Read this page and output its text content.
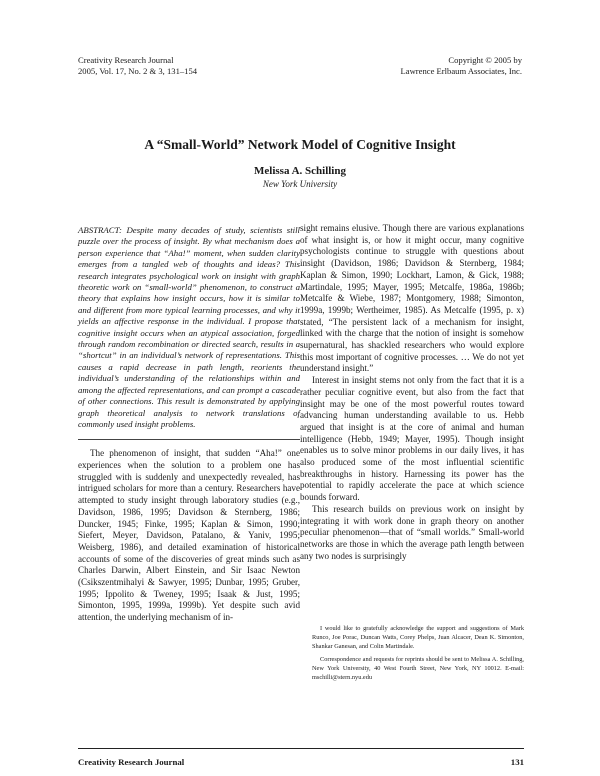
Creativity Research Journal
2005, Vol. 17, No. 2 & 3, 131–154
Copyright © 2005 by
Lawrence Erlbaum Associates, Inc.
A “Small-World” Network Model of Cognitive Insight
Melissa A. Schilling
New York University

ABSTRACT: Despite many decades of study, scientists still puzzle over the process of insight. By what mechanism does a person experience that “Aha!” moment, when sudden clarity emerges from a tangled web of thoughts and ideas? This research integrates psychological work on insight with graph theoretic work on “small-world” phenomenon, to construct a theory that explains how insight occurs, how it is similar to and different from more typical learning processes, and why it yields an affective response in the individual. I propose that cognitive insight occurs when an atypical association, forged through random recombination or directed search, results in a “shortcut” in an individual’s network of representations. This causes a rapid decrease in path length, reorients the individual’s understanding of the relationships within and among the affected representations, and can prompt a cascade of other connections. This result is demonstrated by applying graph theoretical analysis to network translations of commonly used insight problems.

The phenomenon of insight, that sudden “Aha!” one experiences when the solution to a problem one has struggled with is suddenly and unexpectedly revealed, has intrigued scholars for more than a century. Researchers have attempted to study insight through laboratory studies (e.g., Davidson, 1986, 1995; Davidson & Sternberg, 1986; Duncker, 1945; Finke, 1995; Kaplan & Simon, 1990; Siefert, Meyer, Davidson, Patalano, & Yaniv, 1995; Weisberg, 1986), and detailed examination of historical accounts of some of the discoveries of great minds such as Charles Darwin, Albert Einstein, and Sir Isaac Newton (Csikszentmihalyi & Sawyer, 1995; Dunbar, 1995; Gruber, 1995; Ippolito & Tweney, 1995; Isaak & Just, 1995; Simonton, 1995, 1999a, 1999b). Yet despite such avid attention, the underlying mechanism of in-

sight remains elusive. Though there are various explanations of what insight is, or how it might occur, many cognitive psychologists continue to struggle with questions about insight (Davidson, 1986; Davidson & Sternberg, 1984; Kaplan & Simon, 1990; Lockhart, Lamon, & Gick, 1988; Martindale, 1995; Mayer, 1995; Metcalfe, 1986a, 1986b; Metcalfe & Wiebe, 1987; Montgomery, 1988; Simonton, 1999a, 1999b; Wertheimer, 1985). As Metcalfe (1995, p. x) stated, “The persistent lack of a mechanism for insight, linked with the charge that the notion of insight is somehow supernatural, has shackled researchers who would explore this most important of cognitive processes. … We do not yet understand insight.”

Interest in insight stems not only from the fact that it is a rather peculiar cognitive event, but also from the fact that insight may be one of the most powerful routes toward advancing human understanding available to us. Hebb argued that insight is at the core of animal and human intelligence (Hebb, 1949; Mayer, 1995). Though insight enables us to solve minor problems in our daily lives, it has also produced some of the most influential scientific breakthroughs in history. Harnessing its power has the potential to rapidly accelerate the pace at which science bounds forward.

This research builds on previous work on insight by integrating it with work done in graph theory on another peculiar phenomenon—that of “small worlds.” Small-world networks are those in which the average path length between any two nodes is surprisingly

I would like to gratefully acknowledge the support and suggestions of Mark Runco, Joe Porac, Duncan Watts, Corey Phelps, Juan Alcacer, Dean K. Simonton, Shankar Ganesan, and Colin Martindale.

Correspondence and requests for reprints should be sent to Melissa A. Schilling, New York University, 40 West Fourth Street, New York, NY 10012. E-mail: mschilli@stern.nyu.edu

Creativity Research Journal	131
